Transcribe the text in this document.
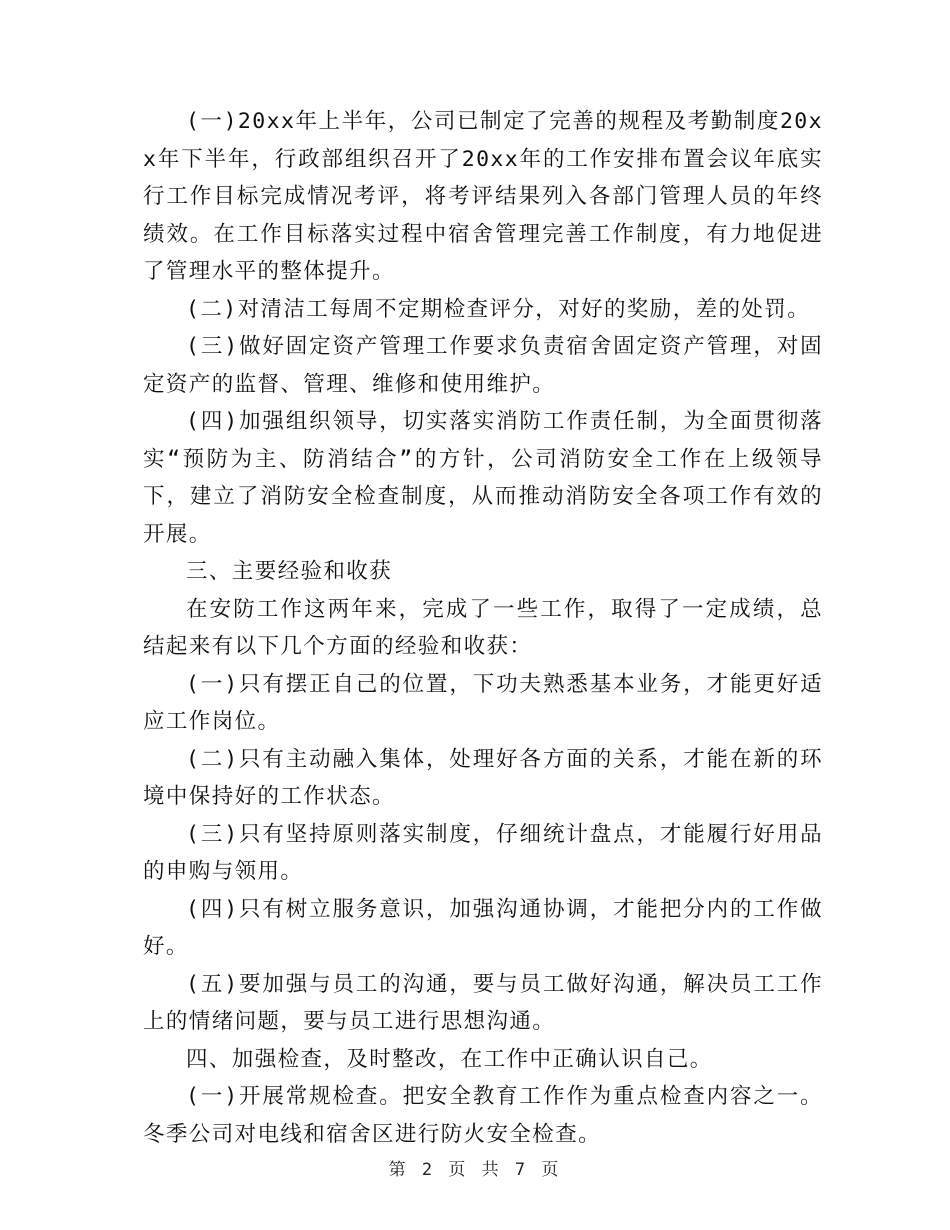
(一)20xx年上半年，公司已制定了完善的规程及考勤制度20xx年下半年，行政部组织召开了20xx年的工作安排布置会议年底实行工作目标完成情况考评，将考评结果列入各部门管理人员的年终绩效。在工作目标落实过程中宿舍管理完善工作制度，有力地促进了管理水平的整体提升。

(二)对清洁工每周不定期检查评分，对好的奖励，差的处罚。

(三)做好固定资产管理工作要求负责宿舍固定资产管理，对固定资产的监督、管理、维修和使用维护。

(四)加强组织领导，切实落实消防工作责任制，为全面贯彻落实“预防为主、防消结合”的方针，公司消防安全工作在上级领导下，建立了消防安全检查制度，从而推动消防安全各项工作有效的开展。

三、主要经验和收获

在安防工作这两年来，完成了一些工作，取得了一定成绩，总结起来有以下几个方面的经验和收获：

(一)只有摆正自己的位置，下功夫熟悉基本业务，才能更好适应工作岗位。

(二)只有主动融入集体，处理好各方面的关系，才能在新的环境中保持好的工作状态。

(三)只有坚持原则落实制度，仔细统计盘点，才能履行好用品的申购与领用。

(四)只有树立服务意识，加强沟通协调，才能把分内的工作做好。

(五)要加强与员工的沟通，要与员工做好沟通，解决员工工作上的情绪问题，要与员工进行思想沟通。

四、加强检查，及时整改，在工作中正确认识自己。

(一)开展常规检查。把安全教育工作作为重点检查内容之一。冬季公司对电线和宿舍区进行防火安全检查。

第 2 页 共 7 页
